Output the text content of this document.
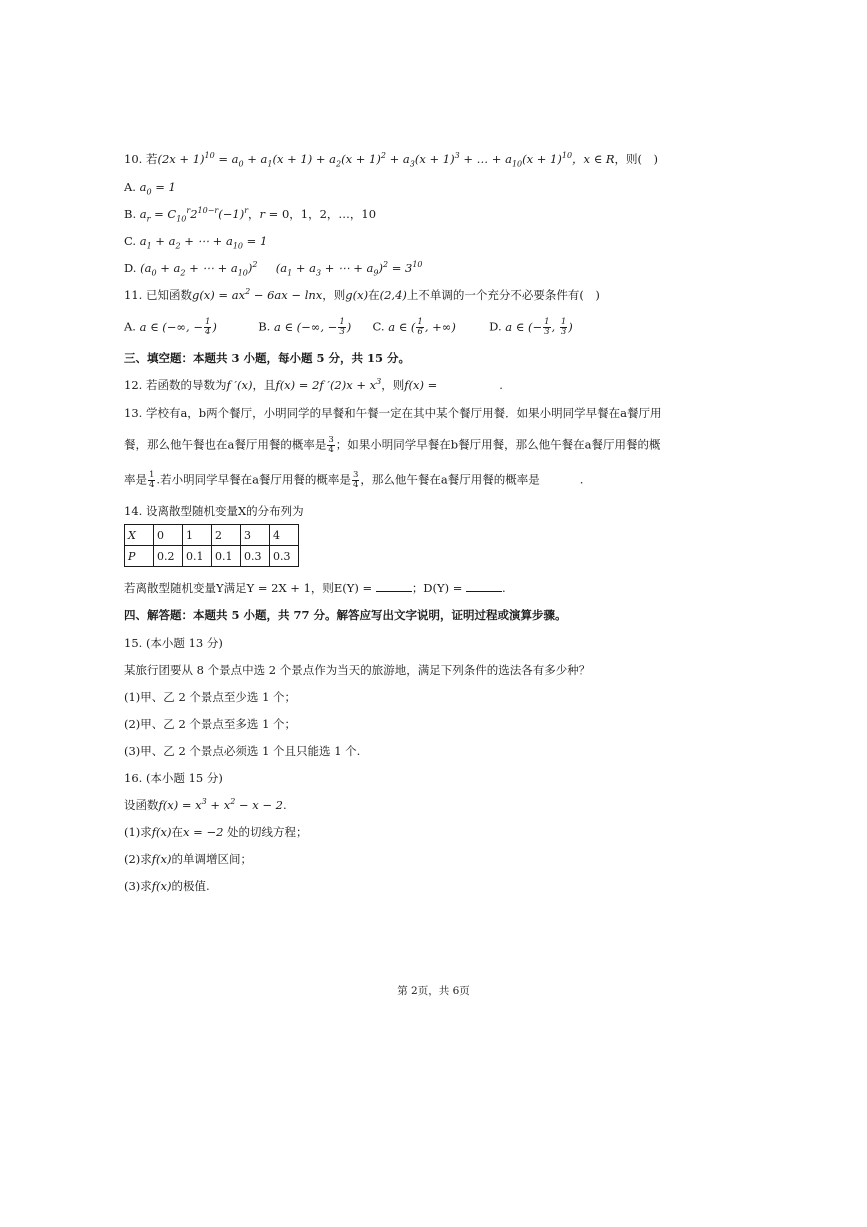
10. 若$(2x + 1)^{10} = a_0 + a_1(x + 1) + a_2(x + 1)^2 + a_3(x + 1)^3$ + … + $a_{10}(x + 1)^{10}$，x ∈ R，则(　)
A. $a_0 = 1$
B. $a_r = C_{10}^r2^{10-r}(-1)^r$，r = 0，1，2，…，10
C. $a_1 + a_2$ + ⋯ + $a_{10} = 1$
D. ($a_0 + a_2$ + ⋯ + $a_{10})^2$     ($a_1 + a_3$ + ⋯ + $a_9)^2 = 3^{10}$
11. 已知函数$g(x) = ax^2 - 6ax - \ln x$，则g(x)在(2,4)上不单调的一个充分不必要条件有(　)
A. a ∈ (−∞, − $\frac{1}{4}$ )	B. a ∈ (−∞, − $\frac{1}{3}$ ) C. a ∈ ( $\frac{1}{6}$ , +∞)	D. a ∈ (− $\frac{1}{3}$ , $\frac{1}{3}$ )
三、填空题：本题共 3 小题，每小题 5 分，共 15 分。
12. 若函数的导数为f ′(x)，且f(x) = 2f $'(2)x + x^3$，则f(x) =	.
13. 学校有a，b两个餐厅，小明同学的早餐和午餐一定在其中某个餐厅用餐．如果小明同学早餐在a餐厅用
餐，那么他午餐也在a餐厅用餐的概率是 $\frac{3}{4}$ ；如果小明同学早餐在b餐厅用餐，那么他午餐在a餐厅用餐的概
率是 $\frac{1}{4}$ .若小明同学早餐在a餐厅用餐的概率是 $\frac{3}{4}$ ，那么他午餐在a餐厅用餐的概率是	.
14. 设离散型随机变量X的分布列为
X	0	1	2	3	4
P	0.2	0.1	0.1	0.3	0.3
若离散型随机变量Y满足Y = 2X + 1，则E(Y) =	；D(Y) =	.
四、解答题：本题共 5 小题，共 77 分。解答应写出文字说明，证明过程或演算步骤。
15. (本小题 13 分)
某旅行团要从 8 个景点中选 2 个景点作为当天的旅游地，满足下列条件的选法各有多少种？
(1)甲、乙 2 个景点至少选 1 个；
(2)甲、乙 2 个景点至多选 1 个；
(3)甲、乙 2 个景点必须选 1 个且只能选 1 个.
16. (本小题 15 分)
设函数$f(x) = x^3 + x^2 - x - 2$.
(1)求f(x)在x = −2 处的切线方程；
(2)求f(x)的单调增区间；
(3)求f(x)的极值.
第 2页，共 6页
